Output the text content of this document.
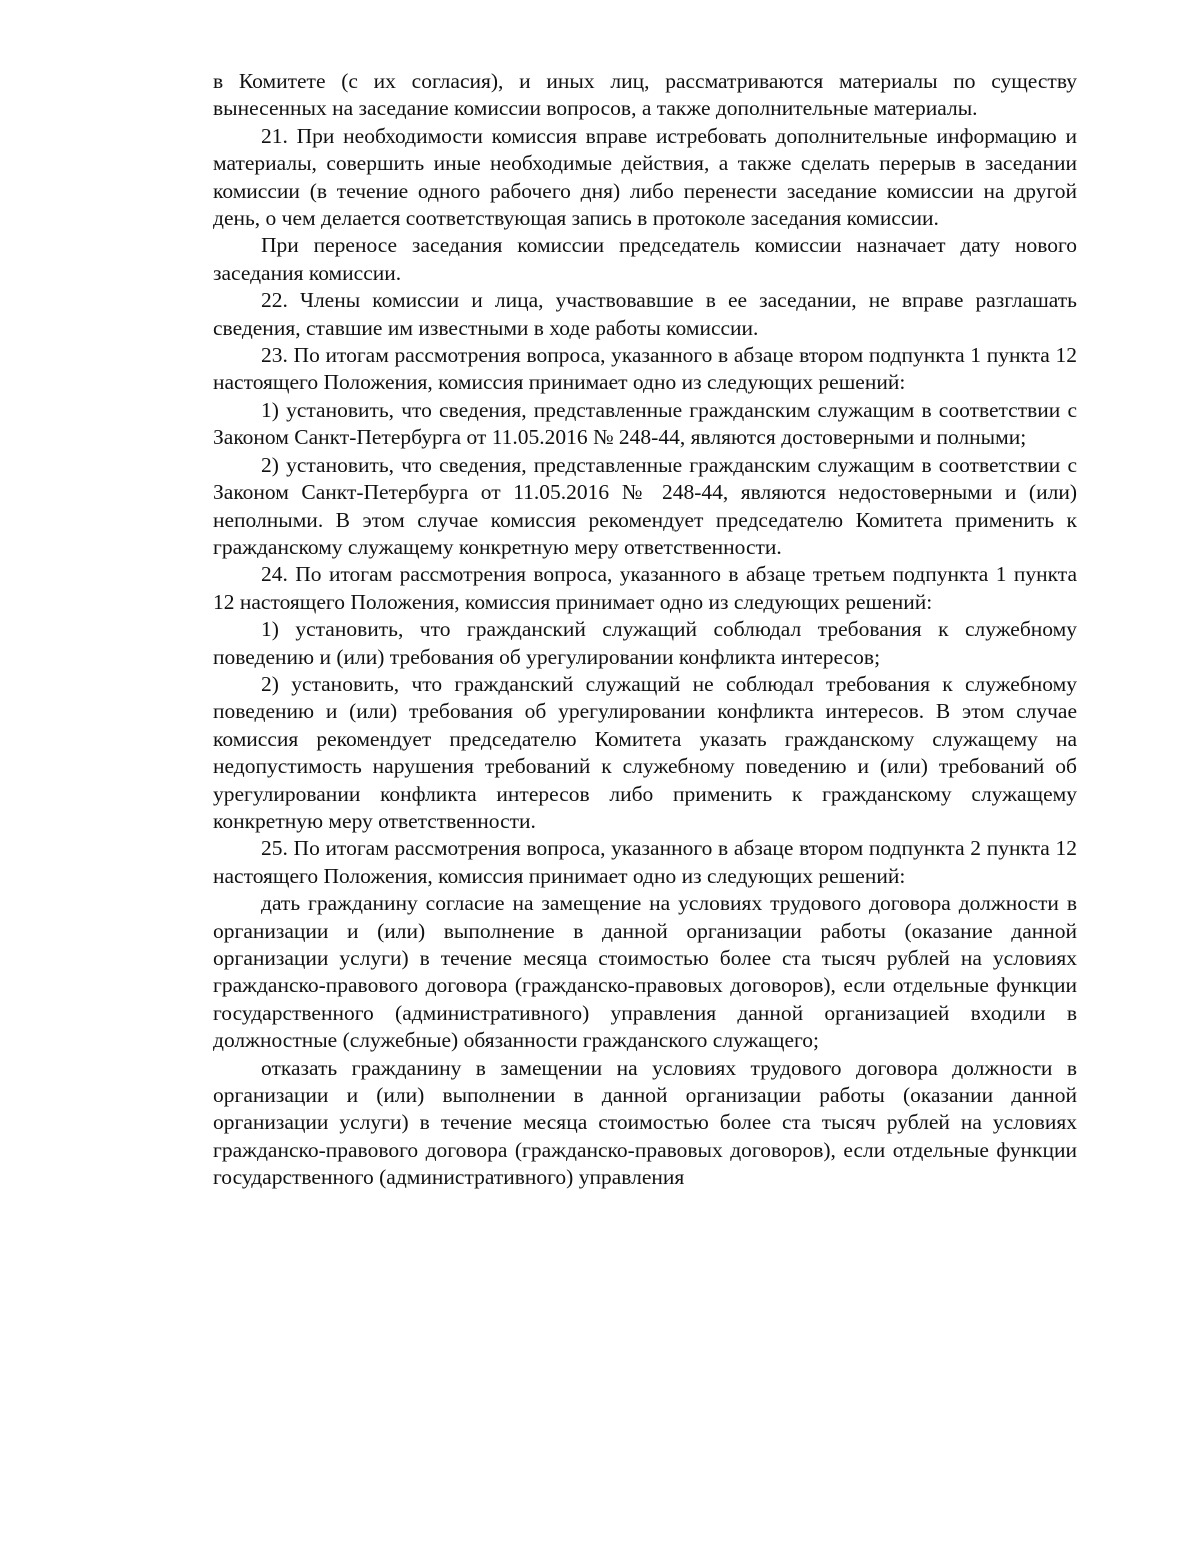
в Комитете (с их согласия), и иных лиц, рассматриваются материалы по существу вынесенных на заседание комиссии вопросов, а также дополнительные материалы.

21. При необходимости комиссия вправе истребовать дополнительные информацию и материалы, совершить иные необходимые действия, а также сделать перерыв в заседании комиссии (в течение одного рабочего дня) либо перенести заседание комиссии на другой день, о чем делается соответствующая запись в протоколе заседания комиссии.

При переносе заседания комиссии председатель комиссии назначает дату нового заседания комиссии.

22. Члены комиссии и лица, участвовавшие в ее заседании, не вправе разглашать сведения, ставшие им известными в ходе работы комиссии.

23. По итогам рассмотрения вопроса, указанного в абзаце втором подпункта 1 пункта 12 настоящего Положения, комиссия принимает одно из следующих решений:

1) установить, что сведения, представленные гражданским служащим в соответствии с Законом Санкт-Петербурга от 11.05.2016 № 248-44, являются достоверными и полными;

2) установить, что сведения, представленные гражданским служащим в соответствии с Законом Санкт-Петербурга от 11.05.2016 № 248-44, являются недостоверными и (или) неполными. В этом случае комиссия рекомендует председателю Комитета применить к гражданскому служащему конкретную меру ответственности.

24. По итогам рассмотрения вопроса, указанного в абзаце третьем подпункта 1 пункта 12 настоящего Положения, комиссия принимает одно из следующих решений:

1) установить, что гражданский служащий соблюдал требования к служебному поведению и (или) требования об урегулировании конфликта интересов;

2) установить, что гражданский служащий не соблюдал требования к служебному поведению и (или) требования об урегулировании конфликта интересов. В этом случае комиссия рекомендует председателю Комитета указать гражданскому служащему на недопустимость нарушения требований к служебному поведению и (или) требований об урегулировании конфликта интересов либо применить к гражданскому служащему конкретную меру ответственности.

25. По итогам рассмотрения вопроса, указанного в абзаце втором подпункта 2 пункта 12 настоящего Положения, комиссия принимает одно из следующих решений:

дать гражданину согласие на замещение на условиях трудового договора должности в организации и (или) выполнение в данной организации работы (оказание данной организации услуги) в течение месяца стоимостью более ста тысяч рублей на условиях гражданско-правового договора (гражданско-правовых договоров), если отдельные функции государственного (административного) управления данной организацией входили в должностные (служебные) обязанности гражданского служащего;

отказать гражданину в замещении на условиях трудового договора должности в организации и (или) выполнении в данной организации работы (оказании данной организации услуги) в течение месяца стоимостью более ста тысяч рублей на условиях гражданско-правового договора (гражданско-правовых договоров), если отдельные функции государственного (административного) управления
